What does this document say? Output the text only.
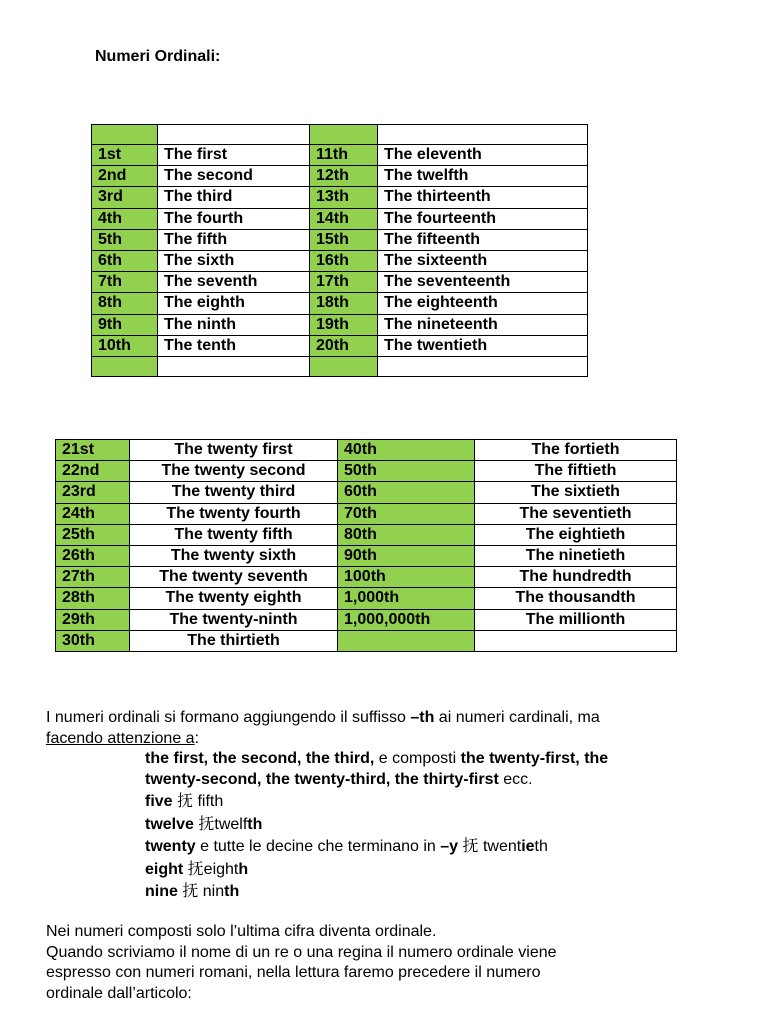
Numeri Ordinali:

1st	The first	11th	The eleventh
2nd	The second	12th	The twelfth
3rd	The third	13th	The thirteenth
4th	The fourth	14th	The fourteenth
5th	The fifth	15th	The fifteenth
6th	The sixth	16th	The sixteenth
7th	The seventh	17th	The seventeenth
8th	The eighth	18th	The eighteenth
9th	The ninth	19th	The nineteenth
10th	The tenth	20th	The twentieth

21st	The twenty first	40th	The fortieth
22nd	The twenty second	50th	The fiftieth
23rd	The twenty third	60th	The sixtieth
24th	The twenty fourth	70th	The seventieth
25th	The twenty fifth	80th	The eightieth
26th	The twenty sixth	90th	The ninetieth
27th	The twenty seventh	100th	The hundredth
28th	The twenty eighth	1,000th	The thousandth
29th	The twenty-ninth	1,000,000th	The millionth
30th	The thirtieth		
I numeri ordinali si formano aggiungendo il suffisso –th ai numeri cardinali, ma
facendo attenzione a:
the first, the second, the third, e composti the twenty-first, the
twenty-second, the twenty-third, the thirty-first ecc.
five 抚 fifth
twelve 抚twelfth
twenty e tutte le decine che terminano in –y 抚 twentieth
eight 抚eighth
nine 抚 ninth
Nei numeri composti solo l’ultima cifra diventa ordinale.
Quando scriviamo il nome di un re o una regina il numero ordinale viene
espresso con numeri romani, nella lettura faremo precedere il numero
ordinale dall’articolo:
